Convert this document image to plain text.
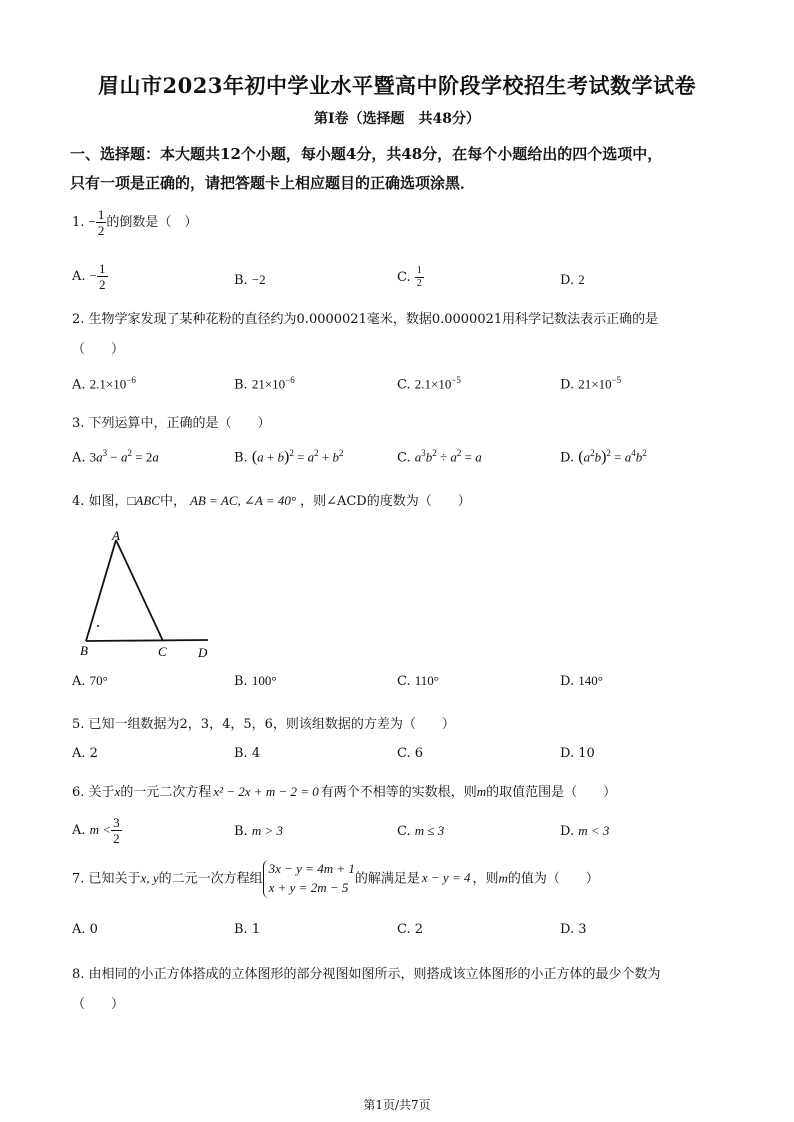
眉山市2023年初中学业水平暨高中阶段学校招生考试数学试卷
第I卷（选择题　共48分）
一、选择题：本大题共12个小题，每小题4分，共48分，在每个小题给出的四个选项中，
只有一项是正确的，请把答题卡上相应题目的正确选项涂黑．
1. − $\frac{1}{2}$ 的倒数是（　）
A. − $\frac{1}{2}$	B. −2	C. $\frac{1}{2}$	D. 2
2. 生物学家发现了某种花粉的直径约为0.0000021毫米，数据0.0000021用科学记数法表示正确的是
（　　）
A. $2.1\times 10^{-6}$	B. $21\times 10^{-6}$	C. $2.1\times 10^{-5}$	D. $21\times 10^{-5}$
3. 下列运算中，正确的是（　　）
A. $3a^3 - a^2 = 2a$	B. $(a + b)^2 = a^2 + b^2$	C. $a^3b^2 \div a^2 = a$	D. $(a^2b)^2 = a^4b^2$
4. 如图，□ABC中， AB = AC, ∠A = 40° ，则∠ACD的度数为（　　）
A
B	C D
A. 70°	B. 100°	C. 110°	D. 140°
5. 已知一组数据为2，3，4，5，6，则该组数据的方差为（　　）
A. 2	B. 4	C. 6	D. 10
6. 关于x的一元二次方程 x² − 2x + m − 2 = 0 有两个不相等的实数根，则m的取值范围是（　　）
A. $m < \frac{3}{2}$	B. m > 3	C. m ≤ 3	D. m < 3
7. 已知关于x, y的二元一次方程组
3x − y = 4m + 1
x + y = 2m − 5
的解满足是 x − y = 4 ，则m的值为（　　）
A. 0	B. 1	C. 2	D. 3
8. 由相同的小正方体搭成的立体图形的部分视图如图所示，则搭成该立体图形的小正方体的最少个数为
（　　）
第1页/共7页
